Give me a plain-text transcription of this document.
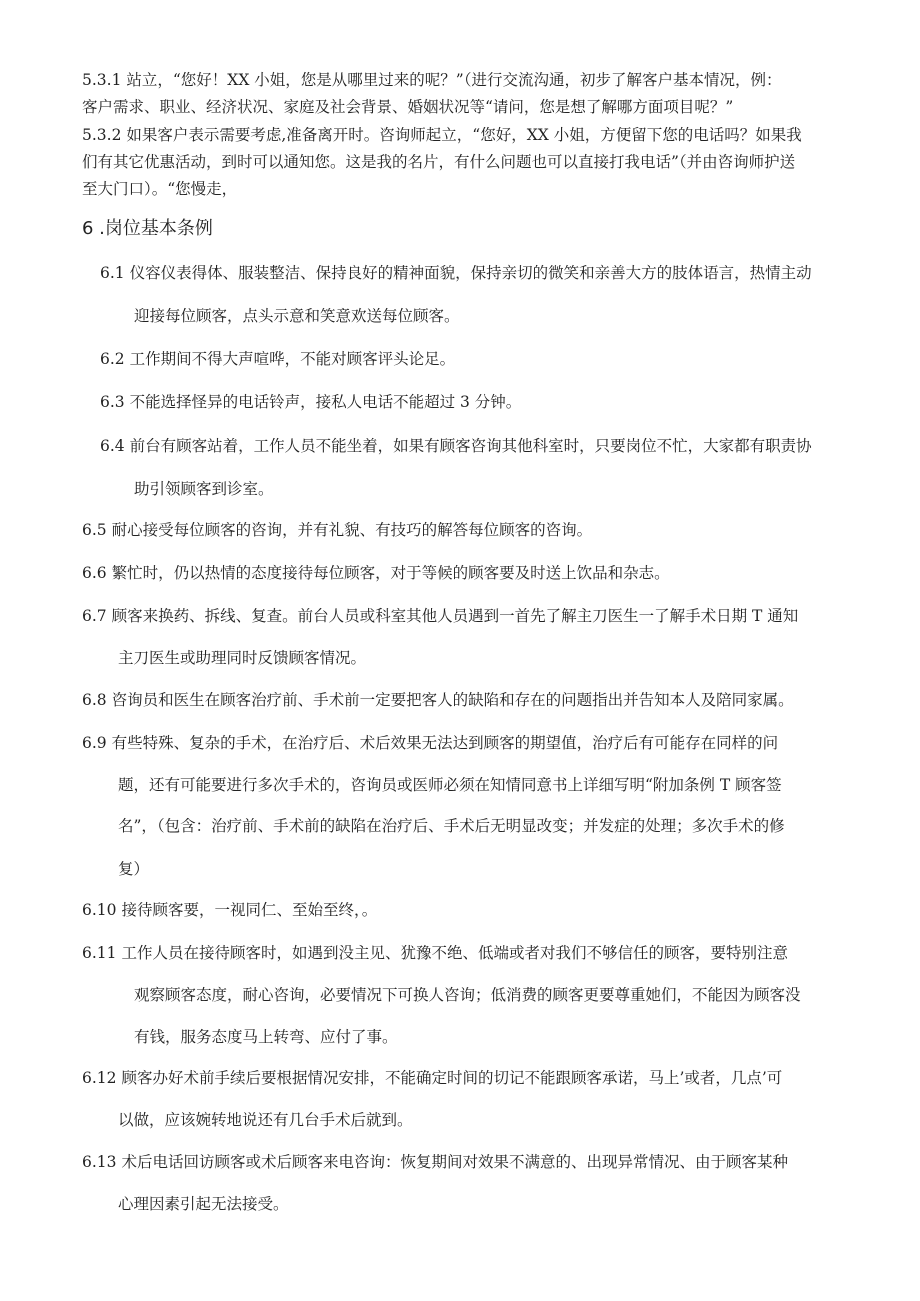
5.3.1 站立，“您好！XX 小姐，您是从哪里过来的呢？”（进行交流沟通，初步了解客户基本情况，例：
客户需求、职业、经济状况、家庭及社会背景、婚姻状况等“请问，您是想了解哪方面项目呢？”
5.3.2 如果客户表示需要考虑,准备离开时。咨询师起立，“您好，XX 小姐，方便留下您的电话吗？如果我
们有其它优惠活动，到时可以通知您。这是我的名片，有什么问题也可以直接打我电话”（并由咨询师护送
至大门口）。“您慢走，
6 .岗位基本条例
6.1 仪容仪表得体、服装整洁、保持良好的精神面貌，保持亲切的微笑和亲善大方的肢体语言，热情主动
迎接每位顾客，点头示意和笑意欢送每位顾客。
6.2 工作期间不得大声喧哗，不能对顾客评头论足。
6.3 不能选择怪异的电话铃声，接私人电话不能超过 3 分钟。
6.4 前台有顾客站着，工作人员不能坐着，如果有顾客咨询其他科室时，只要岗位不忙，大家都有职责协
助引领顾客到诊室。
6.5 耐心接受每位顾客的咨询，并有礼貌、有技巧的解答每位顾客的咨询。
6.6 繁忙时，仍以热情的态度接待每位顾客，对于等候的顾客要及时送上饮品和杂志。
6.7 顾客来换药、拆线、复查。前台人员或科室其他人员遇到一首先了解主刀医生一了解手术日期 T 通知
主刀医生或助理同时反馈顾客情况。
6.8 咨询员和医生在顾客治疗前、手术前一定要把客人的缺陷和存在的问题指出并告知本人及陪同家属。
6.9 有些特殊、复杂的手术，在治疗后、术后效果无法达到顾客的期望值，治疗后有可能存在同样的问
题，还有可能要进行多次手术的，咨询员或医师必须在知情同意书上详细写明“附加条例 T 顾客签
名”，（包含：治疗前、手术前的缺陷在治疗后、手术后无明显改变；并发症的处理；多次手术的修
复）
6.10 接待顾客要，一视同仁、至始至终，。
6.11 工作人员在接待顾客时，如遇到没主见、犹豫不绝、低端或者对我们不够信任的顾客，要特别注意
观察顾客态度，耐心咨询，必要情况下可换人咨询；低消费的顾客更要尊重她们，不能因为顾客没
有钱，服务态度马上转弯、应付了事。
6.12 顾客办好术前手续后要根据情况安排，不能确定时间的切记不能跟顾客承诺，马上’或者，几点’可
以做，应该婉转地说还有几台手术后就到。
6.13 术后电话回访顾客或术后顾客来电咨询：恢复期间对效果不满意的、出现异常情况、由于顾客某种
心理因素引起无法接受。
